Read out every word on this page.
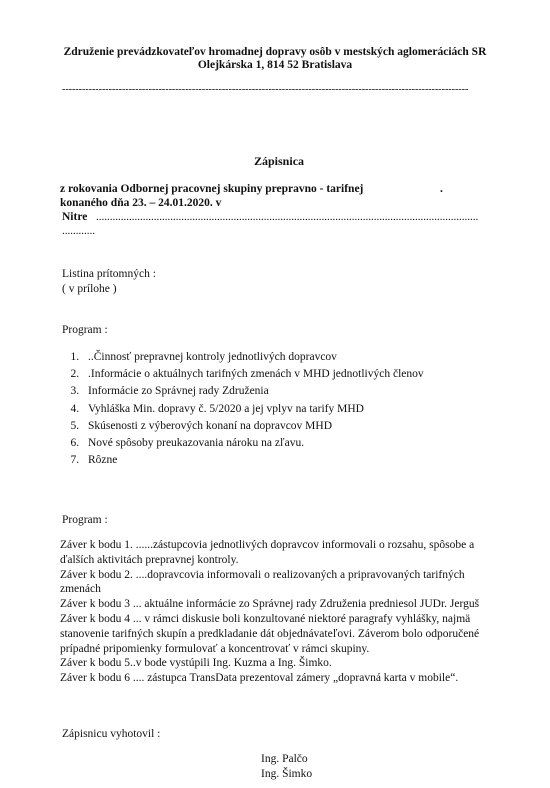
Združenie prevádzkovateľov hromadnej dopravy osôb v mestských aglomeráciách SR
Olejkárska 1, 814 52 Bratislava
--------------------------------------------------------------------------------------------------------------------------
Zápisnica
z rokovania Odbornej pracovnej skupiny prepravno - tarifnej	.
konaného dňa 23. – 24.01.2020. v
Nitre ...........................................................................................................................................
............
Listina prítomných :
( v prílohe )
Program :
1. ..Činnosť prepravnej kontroly jednotlivých dopravcov
2. .Informácie o aktuálnych tarifných zmenách v MHD jednotlivých členov
3. Informácie zo Správnej rady Združenia
4. Vyhláška Min. dopravy č. 5/2020 a jej vplyv na tarify MHD
5. Skúsenosti z výberových konaní na dopravcov MHD
6. Nové spôsoby preukazovania nároku na zľavu.
7. Rôzne
Program :

Záver k bodu 1. ......zástupcovia jednotlivých dopravcov informovali o rozsahu, spôsobe a ďalších aktivitách prepravnej kontroly.

Záver k bodu 2. ....dopravcovia informovali o realizovaných a pripravovaných tarifných zmenách

Záver k bodu 3 ... aktuálne informácie zo Správnej rady Združenia predniesol JUDr. Jerguš

Záver k bodu 4 ... v rámci diskusie boli konzultované niektoré paragrafy vyhlášky, najmä stanovenie tarifných skupín a predkladanie dát objednávateľovi. Záverom bolo odporučené prípadné pripomienky formulovať a koncentrovať v rámci skupiny.

Záver k bodu 5..v bode vystúpili Ing. Kuzma a Ing. Šimko.

Záver k bodu 6 .... zástupca TransData prezentoval zámery „dopravná karta v mobile“.

Zápisnicu vyhotovil :
Ing. Palčo
Ing. Šimko
